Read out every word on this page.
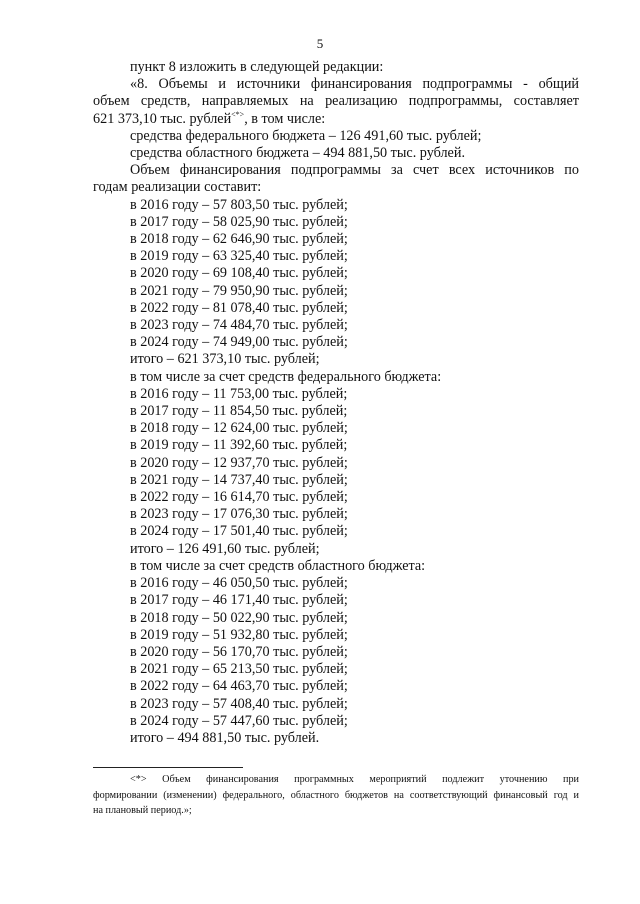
5

пункт 8 изложить в следующей редакции:

«8. Объемы и источники финансирования подпрограммы - общий

объем средств, направляемых на реализацию подпрограммы, составляет

621 373,10 тыс. рублей<*>, в том числе:

средства федерального бюджета – 126 491,60 тыс. рублей;

средства областного бюджета – 494 881,50 тыс. рублей.

Объем финансирования подпрограммы за счет всех источников по

годам реализации составит:

в 2016 году – 57 803,50 тыс. рублей;

в 2017 году – 58 025,90 тыс. рублей;

в 2018 году – 62 646,90 тыс. рублей;

в 2019 году – 63 325,40 тыс. рублей;

в 2020 году – 69 108,40 тыс. рублей;

в 2021 году – 79 950,90 тыс. рублей;

в 2022 году – 81 078,40 тыс. рублей;

в 2023 году – 74 484,70 тыс. рублей;

в 2024 году – 74 949,00 тыс. рублей;

итого – 621 373,10 тыс. рублей;

в том числе за счет средств федерального бюджета:

в 2016 году – 11 753,00 тыс. рублей;

в 2017 году – 11 854,50 тыс. рублей;

в 2018 году – 12 624,00 тыс. рублей;

в 2019 году – 11 392,60 тыс. рублей;

в 2020 году – 12 937,70 тыс. рублей;

в 2021 году – 14 737,40 тыс. рублей;

в 2022 году – 16 614,70 тыс. рублей;

в 2023 году – 17 076,30 тыс. рублей;

в 2024 году – 17 501,40 тыс. рублей;

итого – 126 491,60 тыс. рублей;

в том числе за счет средств областного бюджета:

в 2016 году – 46 050,50 тыс. рублей;

в 2017 году – 46 171,40 тыс. рублей;

в 2018 году – 50 022,90 тыс. рублей;

в 2019 году – 51 932,80 тыс. рублей;

в 2020 году – 56 170,70 тыс. рублей;

в 2021 году – 65 213,50 тыс. рублей;

в 2022 году – 64 463,70 тыс. рублей;

в 2023 году – 57 408,40 тыс. рублей;

в 2024 году – 57 447,60 тыс. рублей;

итого – 494 881,50 тыс. рублей.

<*> Объем финансирования программных мероприятий подлежит уточнению при

формировании (изменении) федерального, областного бюджетов на соответствующий финансовый год и

на плановый период.»;
